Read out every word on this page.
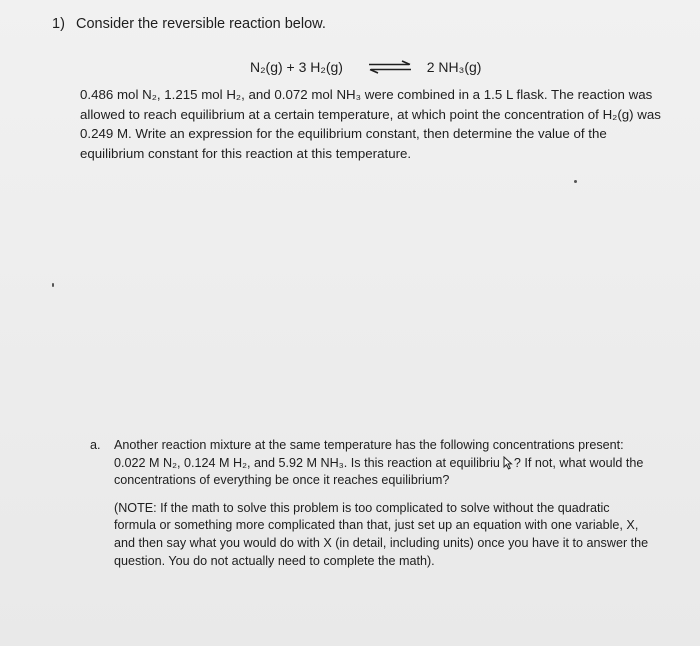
1) Consider the reversible reaction below.
N₂(g) + 3 H₂(g) ⇌ 2 NH₃(g)

0.486 mol N₂, 1.215 mol H₂, and 0.072 mol NH₃ were combined in a 1.5 L flask. The reaction was

allowed to reach equilibrium at a certain temperature, at which point the concentration of H₂(g) was

0.249 M. Write an expression for the equilibrium constant, then determine the value of the

equilibrium constant for this reaction at this temperature.

a. Another reaction mixture at the same temperature has the following concentrations present:

0.022 M N₂, 0.124 M H₂, and 5.92 M NH₃. Is this reaction at equilibriu ? If not, what would the

concentrations of everything be once it reaches equilibrium?

(NOTE: If the math to solve this problem is too complicated to solve without the quadratic

formula or something more complicated than that, just set up an equation with one variable, X,

and then say what you would do with X (in detail, including units) once you have it to answer the

question. You do not actually need to complete the math).
